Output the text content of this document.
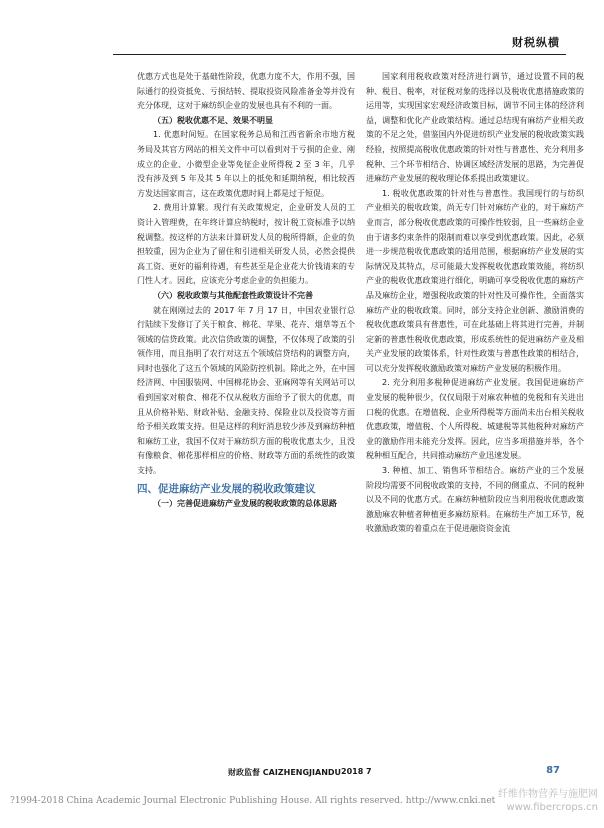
财税纵横

优惠方式也是处于基础性阶段，优惠力度不大，作用不强，国际通行的投资抵免、亏损结转、提取投资风险准备金等并没有充分体现，这对于麻纺织企业的发展也具有不利的一面。

（五）税收优惠不足、效果不明显

1. 优惠时间短。在国家税务总局和江西省新余市地方税务局及其官方网站的相关文件中可以看到对于亏损的企业、刚成立的企业、小微型企业等免征企业所得税 2 至 3 年，几乎没有涉及到 5 年及其 5 年以上的抵免和延期纳税，相比较西方发达国家而言，这在政策优惠时间上都是过于短促。

2. 费用计算繁。现行有关政策规定，企业研发人员的工资计入管理费，在年终计算应纳税时，按计税工资标准予以纳税调整。按这样的方法来计算研发人员的税所得额，企业的负担较重，因为企业为了留住和引进相关研发人员，必然会提供高工资、更好的福利待遇，有些甚至是企业花大价钱请来的专门性人才。因此，应该充分考虑企业的负担能力。

（六）税收政策与其他配套性政策设计不完善

就在刚刚过去的 2017 年 7 月 17 日，中国农业银行总行陆续下发修订了关于粮食、棉花、苹果、花卉、烟草等五个领域的信贷政策。此次信贷政策的调整，不仅体现了政策的引领作用，而且指明了农行对这五个领域信贷结构的调整方向，同时也强化了这五个领域的风险防控机制。除此之外，在中国经济网、中国服装网、中国棉花协会、亚麻网等有关网站可以看到国家对粮食、棉花不仅从税收方面给予了很大的优惠，而且从价格补贴、财政补贴、金融支持、保险业以及投资等方面给予相关政策支持。但是这样的利好消息较少涉及到麻纺种植和麻纺工业，我国不仅对于麻纺织方面的税收优惠太少，且没有像粮食、棉花那样相应的价格、财政等方面的系统性的政策支持。

四、促进麻纺产业发展的税收政策建议

（一）完善促进麻纺产业发展的税收政策的总体思路

国家利用税收政策对经济进行调节，通过设置不同的税种、税目、税率，对征税对象的选择以及税收优惠措施政策的运用等，实现国家宏观经济政策目标，调节不同主体的经济利益，调整和优化产业政策结构。通过总结现有麻纺产业相关政策的不足之处，借鉴国内外促进纺织产业发展的税收政策实践经验，按照提高税收优惠政策的针对性与普惠性、充分利用多税种、三个环节相结合、协调区域经济发展的思路，为完善促进麻纺产业发展的税收理论体系提出政策建议。

1. 税收优惠政策的针对性与普惠性。我国现行的与纺织产业相关的税收政策，尚无专门针对麻纺产业的，对于麻纺产业而言，部分税收优惠政策的可操作性较弱，且一些麻纺企业由于诸多约束条件的限制而难以享受到优惠政策。因此，必须进一步规范税收优惠政策的适用范围，根据麻纺产业发展的实际情况及其特点，尽可能最大发挥税收优惠政策效能，将纺织产业的税收优惠政策进行细化，明确可享受税收优惠的麻纺产品及麻纺企业，增强税收政策的针对性及可操作性，全面落实麻纺产业的税收政策。同时，部分支持企业创新、激励消费的税收优惠政策具有普惠性，可在此基础上将其进行完善，并制定新的普惠性税收优惠政策，形成系统性的促进麻纺产业及相关产业发展的政策体系，针对性政策与普惠性政策的相结合，可以充分发挥税收激励政策对麻纺产业发展的积极作用。

2. 充分利用多税种促进麻纺产业发展。我国促进麻纺产业发展的税种很少，仅仅局限于对麻农种植的免税和有关进出口税的优惠。在增值税、企业所得税等方面尚未出台相关税收优惠政策，增值税、个人所得税、城建税等其他税种对麻纺产业的激励作用未能充分发挥。因此，应当多项措施并举，各个税种相互配合，共同推动麻纺产业迅速发展。

3. 种植、加工、销售环节相结合。麻纺产业的三个发展阶段均需要不同税收政策的支持，不同的侧重点、不同的税种以及不同的优惠方式。在麻纺种植阶段应当利用税收优惠政策激励麻农种植者种植更多麻纺原料。在麻纺生产加工环节，税收激励政策的着重点在于促进融资资金流

财政监督 CAIZHENGJIANDU 2018 7	87
?1994-2018 China Academic Journal Electronic Publishing House. All rights reserved. http://www.cnki.net
纤维作物营养与施肥网
www.fibercrops.cn
